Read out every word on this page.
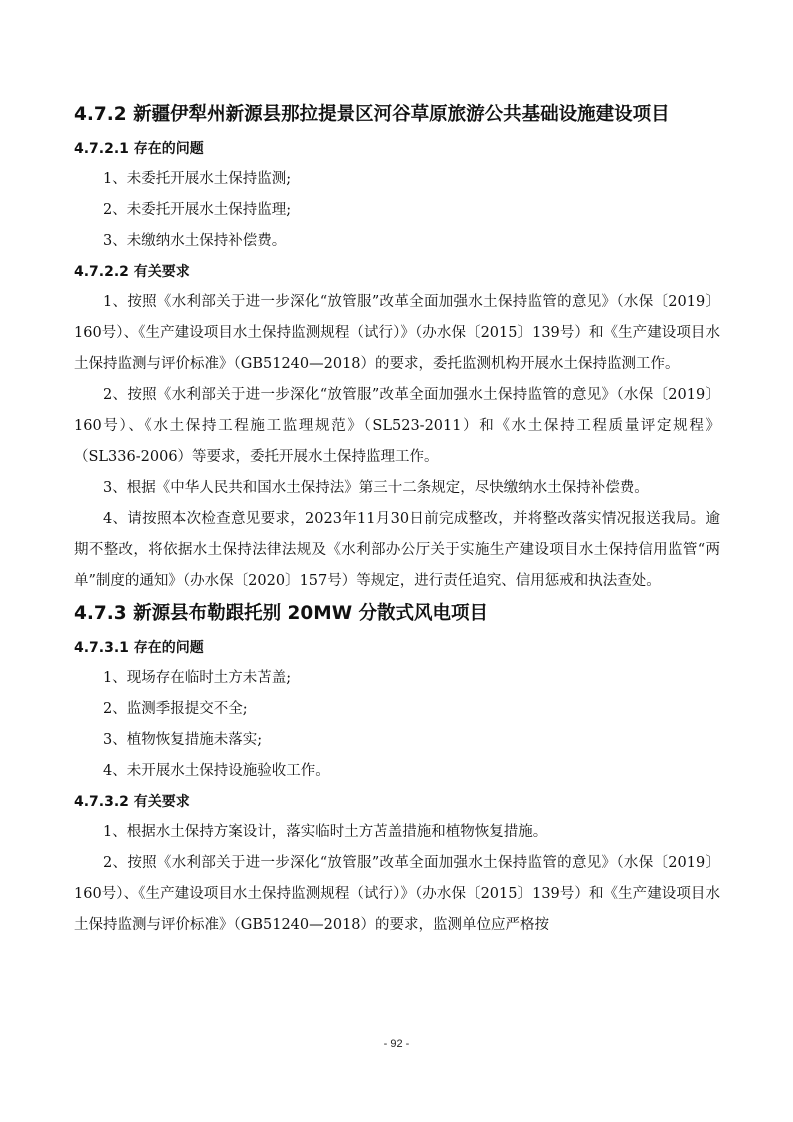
4.7.2 新疆伊犁州新源县那拉提景区河谷草原旅游公共基础设施建设项目
4.7.2.1 存在的问题

1、未委托开展水土保持监测;

2、未委托开展水土保持监理;

3、未缴纳水土保持补偿费。

4.7.2.2 有关要求

1、按照《水利部关于进一步深化“放管服”改革全面加强水土保持监管的意见》（水保〔2019〕160号）、《生产建设项目水土保持监测规程（试行）》（办水保〔2015〕139号）和《生产建设项目水土保持监测与评价标准》（GB51240—2018）的要求，委托监测机构开展水土保持监测工作。

2、按照《水利部关于进一步深化“放管服”改革全面加强水土保持监管的意见》（水保〔2019〕160号）、《水土保持工程施工监理规范》（SL523-2011）和《水土保持工程质量评定规程》（SL336-2006）等要求，委托开展水土保持监理工作。

3、根据《中华人民共和国水土保持法》第三十二条规定，尽快缴纳水土保持补偿费。

4、请按照本次检查意见要求，2023年11月30日前完成整改，并将整改落实情况报送我局。逾期不整改，将依据水土保持法律法规及《水利部办公厅关于实施生产建设项目水土保持信用监管“两单”制度的通知》（办水保〔2020〕157号）等规定，进行责任追究、信用惩戒和执法查处。

4.7.3 新源县布勒跟托别 20MW 分散式风电项目
4.7.3.1 存在的问题

1、现场存在临时土方未苫盖;

2、监测季报提交不全;

3、植物恢复措施未落实;

4、未开展水土保持设施验收工作。

4.7.3.2 有关要求

1、根据水土保持方案设计，落实临时土方苫盖措施和植物恢复措施。

2、按照《水利部关于进一步深化“放管服”改革全面加强水土保持监管的意见》（水保〔2019〕160号）、《生产建设项目水土保持监测规程（试行）》（办水保〔2015〕139号）和《生产建设项目水土保持监测与评价标准》（GB51240—2018）的要求，监测单位应严格按

- 92 -
